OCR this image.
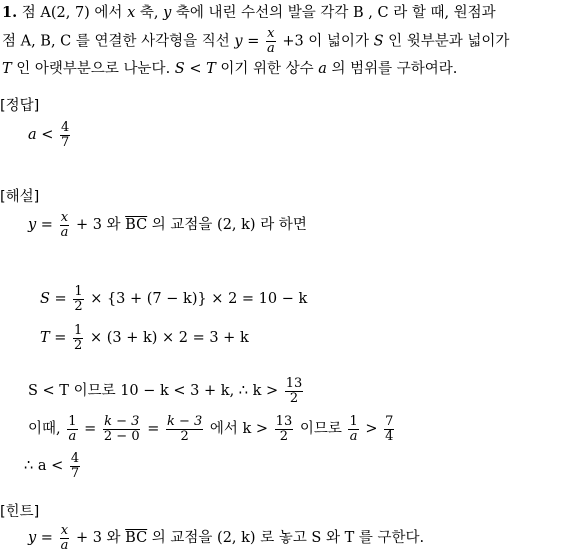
1. 점 A(2, 7) 에서 x 축, y 축에 내린 수선의 발을 각각 B , C 라 할 때, 원점과
점 A, B, C 를 연결한 사각형을 직선 $y = \frac{x}{a} +3$ 이 넓이가 S 인 윗부분과 넓이가
T 인 아랫부분으로 나눈다. S < T 이기 위한 상수 a 의 범위를 구하여라.
[정답]
$a < \frac{4}{7}$
[해설]
$y = \frac{x}{a} + 3$ 와 $\overline{BC}$ 의 교점을 (2, k) 라 하면
$S = \frac{1}{2} \times \{3 + (7 - k)\} \times 2 = 10 - k$
$T = \frac{1}{2} \times (3 + k) \times 2 = 3 + k$
S < T 이므로 10 − k < 3 + k, ∴ $k > \frac{13}{2}$
이때, $\frac{1}{a} = \frac{k - 3}{2 - 0} = \frac{k - 3}{2}$ 에서 $k > \frac{13}{2}$ 이므로 $\frac{1}{a} > \frac{7}{4}$
∴ $a < \frac{4}{7}$
[힌트]
$y = \frac{x}{a} + 3$ 와 $\overline{BC}$ 의 교점을 (2, k) 로 놓고 S 와 T 를 구한다.
